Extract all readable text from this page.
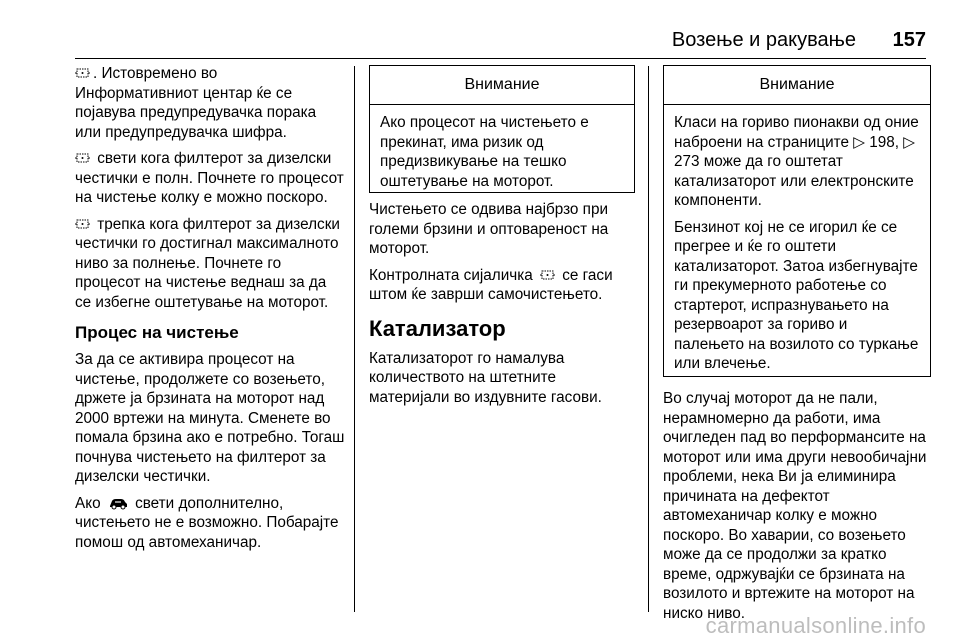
Возење и ракување 157

. Истовремено во Информативниот центар ќе се појавува предупредувачка порака или предупредувачка шифра.

свети кога филтерот за дизелски честички е полн. Почнете го процесот на чистење колку е можно поскоро.

трепка кога филтерот за дизелски честички го достигнал максималното ниво за полнење. Почнете го процесот на чистење веднаш за да се избегне оштетување на моторот.

Процес на чистење

За да се активира процесот на чистење, продолжете со возењето, држете ја брзината на моторот над 2000 вртежи на минута. Сменете во помала брзина ако е потребно. Тогаш почнува чистењето на филтерот за дизелски честички.

Ако  свети дополнително, чистењето не е возможно. Побарајте помош од автомеханичар.

Внимание

Ако процесот на чистењето е прекинат, има ризик од предизвикување на тешко оштетување на моторот.

Чистењето се одвива најбрзо при големи брзини и оптовареност на моторот.

Контролната сијаличка  се гаси штом ќе заврши самочистењето.

Катализатор

Катализаторот го намалува количеството на штетните материјали во издувните гасови.

Внимание

Класи на гориво пионакви од оние наброени на страниците ▷ 198, ▷ 273 може да го оштетат катализаторот или електронските компоненти.

Бензинот кој не се игорил ќе се прегрее и ќе го оштети катализаторот. Затоа избегнувајте ги прекумерното работење со стартерот, испразнувањето на резервоарот за гориво и палењето на возилото со туркање или влечење.

Во случај моторот да не пали, нерамномерно да работи, има очигледен пад во перформансите на моторот или има други невообичајни проблеми, нека Ви ја елиминира причината на дефектот автомеханичар колку е можно поскоро. Во хаварии, со возењето може да се продолжи за кратко време, одржувајќи се брзината на возилото и вртежите на моторот на ниско ниво.

carmanualsonline.info
